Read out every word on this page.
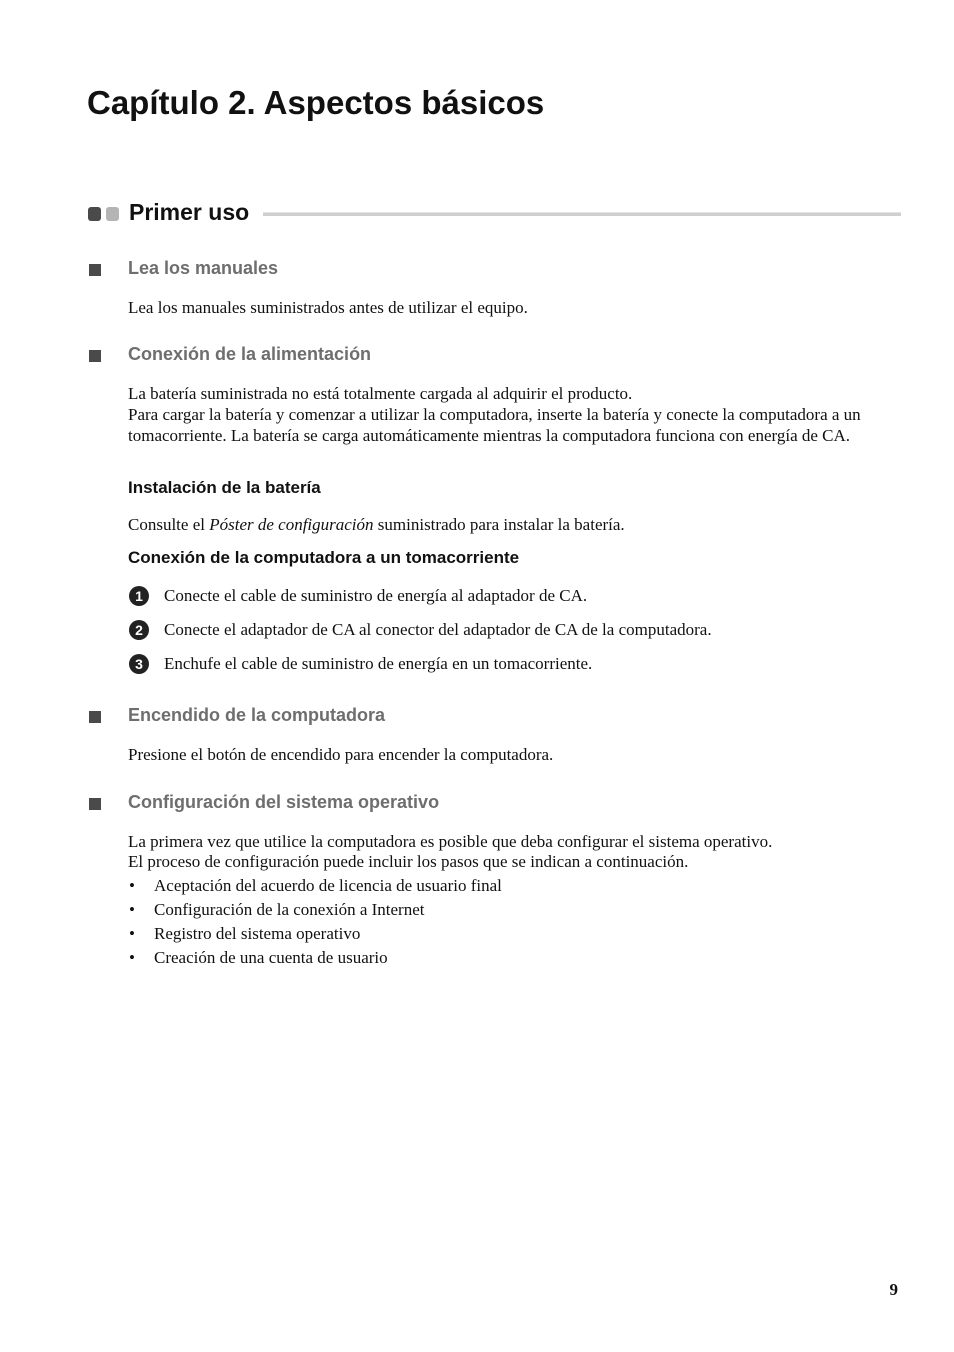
Capítulo 2. Aspectos básicos
Primer uso
Lea los manuales

Lea los manuales suministrados antes de utilizar el equipo.

Conexión de la alimentación

La batería suministrada no está totalmente cargada al adquirir el producto.

Para cargar la batería y comenzar a utilizar la computadora, inserte la batería y conecte la computadora a un tomacorriente. La batería se carga automáticamente mientras la computadora funciona con energía de CA.

Instalación de la batería

Consulte el Póster de configuración suministrado para instalar la batería.

Conexión de la computadora a un tomacorriente
1	Conecte el cable de suministro de energía al adaptador de CA.
2	Conecte el adaptador de CA al conector del adaptador de CA de la computadora.
3	Enchufe el cable de suministro de energía en un tomacorriente.
Encendido de la computadora

Presione el botón de encendido para encender la computadora.

Configuración del sistema operativo

La primera vez que utilice la computadora es posible que deba configurar el sistema operativo.

El proceso de configuración puede incluir los pasos que se indican a continuación.

• Aceptación del acuerdo de licencia de usuario final
• Configuración de la conexión a Internet
• Registro del sistema operativo
• Creación de una cuenta de usuario
9
